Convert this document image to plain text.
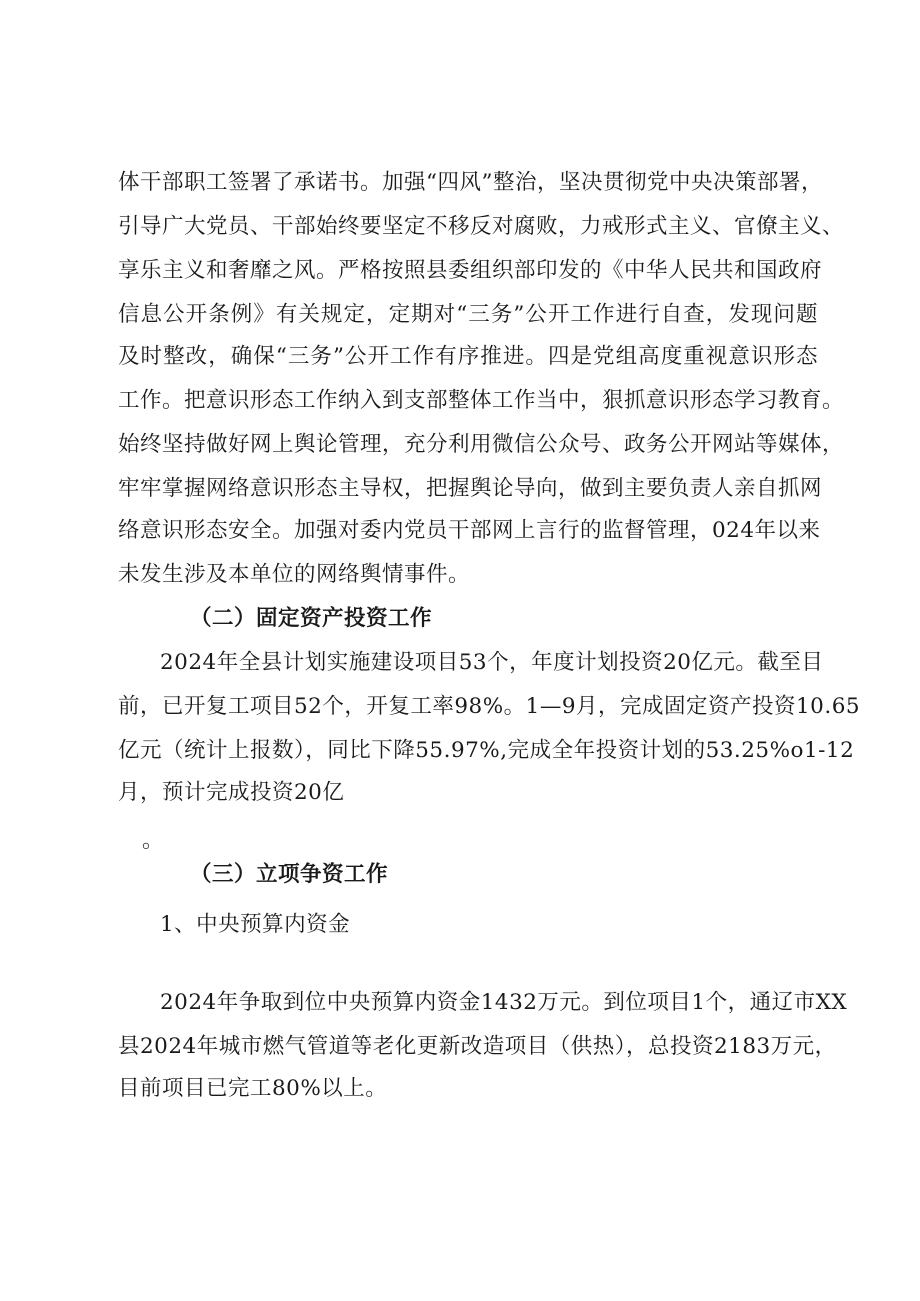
体干部职工签署了承诺书。加强“四风”整治，坚决贯彻党中央决策部署，
引导广大党员、干部始终要坚定不移反对腐败，力戒形式主义、官僚主义、
享乐主义和奢靡之风。严格按照县委组织部印发的《中华人民共和国政府
信息公开条例》有关规定，定期对“三务”公开工作进行自查，发现问题
及时整改，确保“三务”公开工作有序推进。四是党组高度重视意识形态
工作。把意识形态工作纳入到支部整体工作当中，狠抓意识形态学习教育。
始终坚持做好网上舆论管理，充分利用微信公众号、政务公开网站等媒体，
牢牢掌握网络意识形态主导权，把握舆论导向，做到主要负责人亲自抓网
络意识形态安全。加强对委内党员干部网上言行的监督管理，024年以来
未发生涉及本单位的网络舆情事件。
（二）固定资产投资工作
2024年全县计划实施建设项目53个，年度计划投资20亿元。截至目
前，已开复工项目52个，开复工率98%。1—9月，完成固定资产投资10.65
亿元（统计上报数），同比下降55.97%,完成全年投资计划的53.25%o1-12
月，预计完成投资20亿
。
（三）立项争资工作
1、中央预算内资金
2024年争取到位中央预算内资金1432万元。到位项目1个，通辽市XX
县2024年城市燃气管道等老化更新改造项目（供热），总投资2183万元，
目前项目已完工80%以上。
